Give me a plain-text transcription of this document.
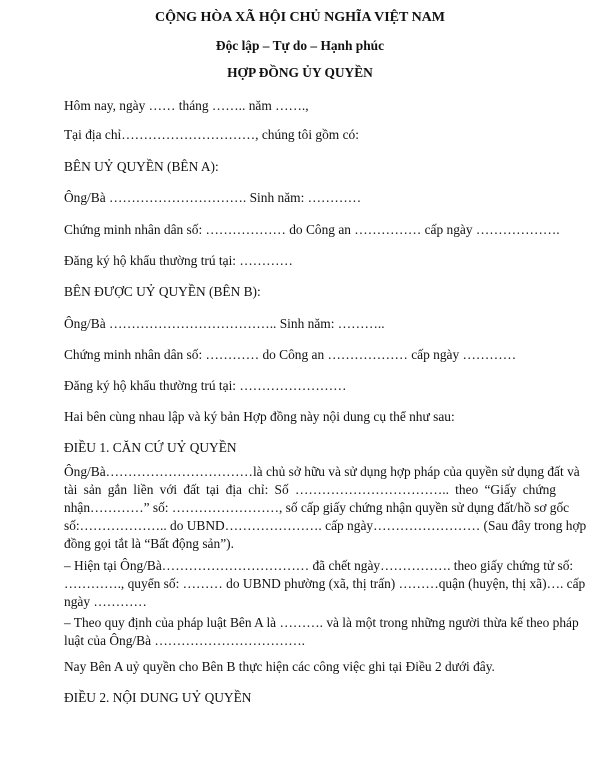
CỘNG HÒA XÃ HỘI CHỦ NGHĨA VIỆT NAM
Độc lập – Tự do – Hạnh phúc
HỢP ĐỒNG ỦY QUYỀN
Hôm nay, ngày …… tháng …….. năm …….,
Tại địa chỉ…………………………, chúng tôi gồm có:
BÊN UỶ QUYỀN (BÊN A):
Ông/Bà …………………………. Sinh năm: …………
Chứng minh nhân dân số: ……………… do Công an …………… cấp ngày ……………….
Đăng ký hộ khẩu thường trú tại: …………
BÊN ĐƯỢC UỶ QUYỀN (BÊN B):
Ông/Bà ……………………………….. Sinh năm: ………..
Chứng minh nhân dân số: ………… do Công an ……………… cấp ngày …………
Đăng ký hộ khẩu thường trú tại: ……………………
Hai bên cùng nhau lập và ký bản Hợp đồng này nội dung cụ thể như sau:
ĐIỀU 1. CĂN CỨ UỶ QUYỀN
Ông/Bà……………………………là chủ sở hữu và sử dụng hợp pháp của quyền sử dụng đất và
tài sản gắn liền với đất tại địa chỉ: Số …………………………….. theo “Giấy chứng
nhận…………” số: ……………………, số cấp giấy chứng nhận quyền sử dụng đất/hồ sơ gốc
số:……………….. do UBND…………………. cấp ngày…………………… (Sau đây trong hợp
đồng gọi tắt là “Bất động sản”).
– Hiện tại Ông/Bà…………………………… đã chết ngày……………. theo giấy chứng tử số:
…………., quyển số: ……… do UBND phường (xã, thị trấn) ………quận (huyện, thị xã)…. cấp
ngày …………
– Theo quy định của pháp luật Bên A là ………. và là một trong những người thừa kế theo pháp
luật của Ông/Bà …………………………….
Nay Bên A uỷ quyền cho Bên B thực hiện các công việc ghi tại Điều 2 dưới đây.
ĐIỀU 2. NỘI DUNG UỶ QUYỀN
